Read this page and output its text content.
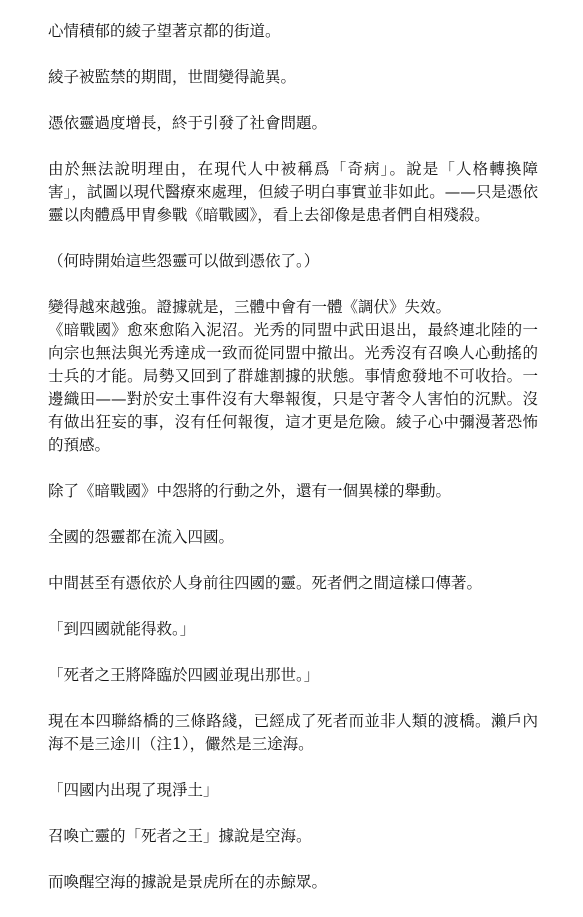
心情積郁的綾子望著京都的街道。

綾子被監禁的期間，世間變得詭異。

憑依靈過度增長，終于引發了社會問題。

由於無法說明理由，在現代人中被稱爲「奇病」。說是「人格轉換障害」，試圖以現代醫療來處理，但綾子明白事實並非如此。——只是憑依靈以肉體爲甲胄參戰《暗戰國》，看上去卻像是患者們自相殘殺。

（何時開始這些怨靈可以做到憑依了。）

變得越來越強。證據就是，三體中會有一體《調伏》失效。

《暗戰國》愈來愈陷入泥沼。光秀的同盟中武田退出，最終連北陸的一向宗也無法與光秀達成一致而從同盟中撤出。光秀沒有召喚人心動搖的士兵的才能。局勢又回到了群雄割據的狀態。事情愈發地不可收拾。一邊織田——對於安土事件沒有大舉報復，只是守著令人害怕的沉默。沒有做出狂妄的事，沒有任何報復，這才更是危險。綾子心中彌漫著恐怖的預感。

除了《暗戰國》中怨將的行動之外，還有一個異樣的舉動。

全國的怨靈都在流入四國。

中間甚至有憑依於人身前往四國的靈。死者們之間這樣口傳著。

「到四國就能得救。」

「死者之王將降臨於四國並現出那世。」

現在本四聯絡橋的三條路綫，已經成了死者而並非人類的渡橋。瀨戶內海不是三途川（注1），儼然是三途海。

「四國内出現了現淨土」

召喚亡靈的「死者之王」據說是空海。

而喚醒空海的據說是景虎所在的赤鯨眾。
